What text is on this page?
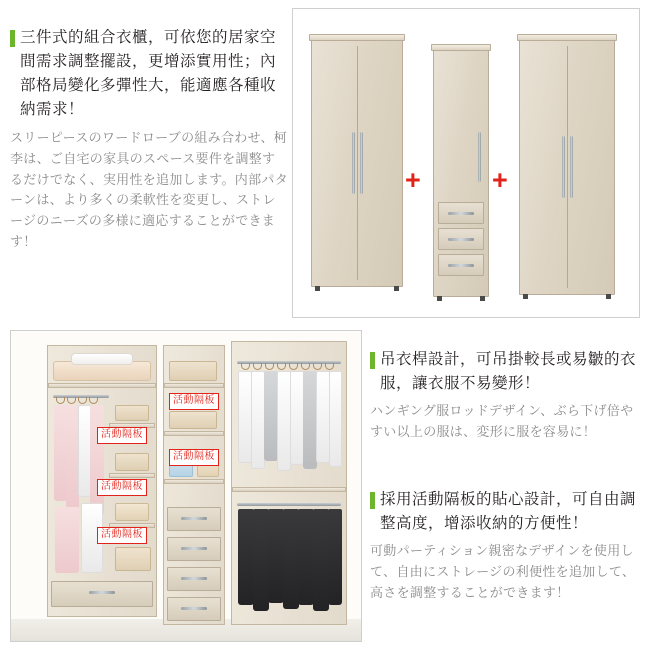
三件式的組合衣櫃，可依您的居家空間需求調整擺設，更增添實用性；內部格局變化多彈性大，能適應各種收納需求！
スリーピースのワードローブの組み合わせ、柯李は、ご自宅の家具のスペース要件を調整するだけでなく、実用性を追加します。内部パターンは、より多くの柔軟性を変更し、ストレージのニーズの多様に適応することができます！
+	+
活動隔板
活動隔板
活動隔板
活動隔板
活動隔板
吊衣桿設計，可吊掛較長或易皺的衣服，讓衣服不易變形！
ハンギング服ロッドデザイン、ぶら下げ倍やすい以上の服は、変形に服を容易に！
採用活動隔板的貼心設計，可自由調整高度，增添收納的方便性！
可動パーティション親密なデザインを使用して、自由にストレージの利便性を追加して、高さを調整することができます！
